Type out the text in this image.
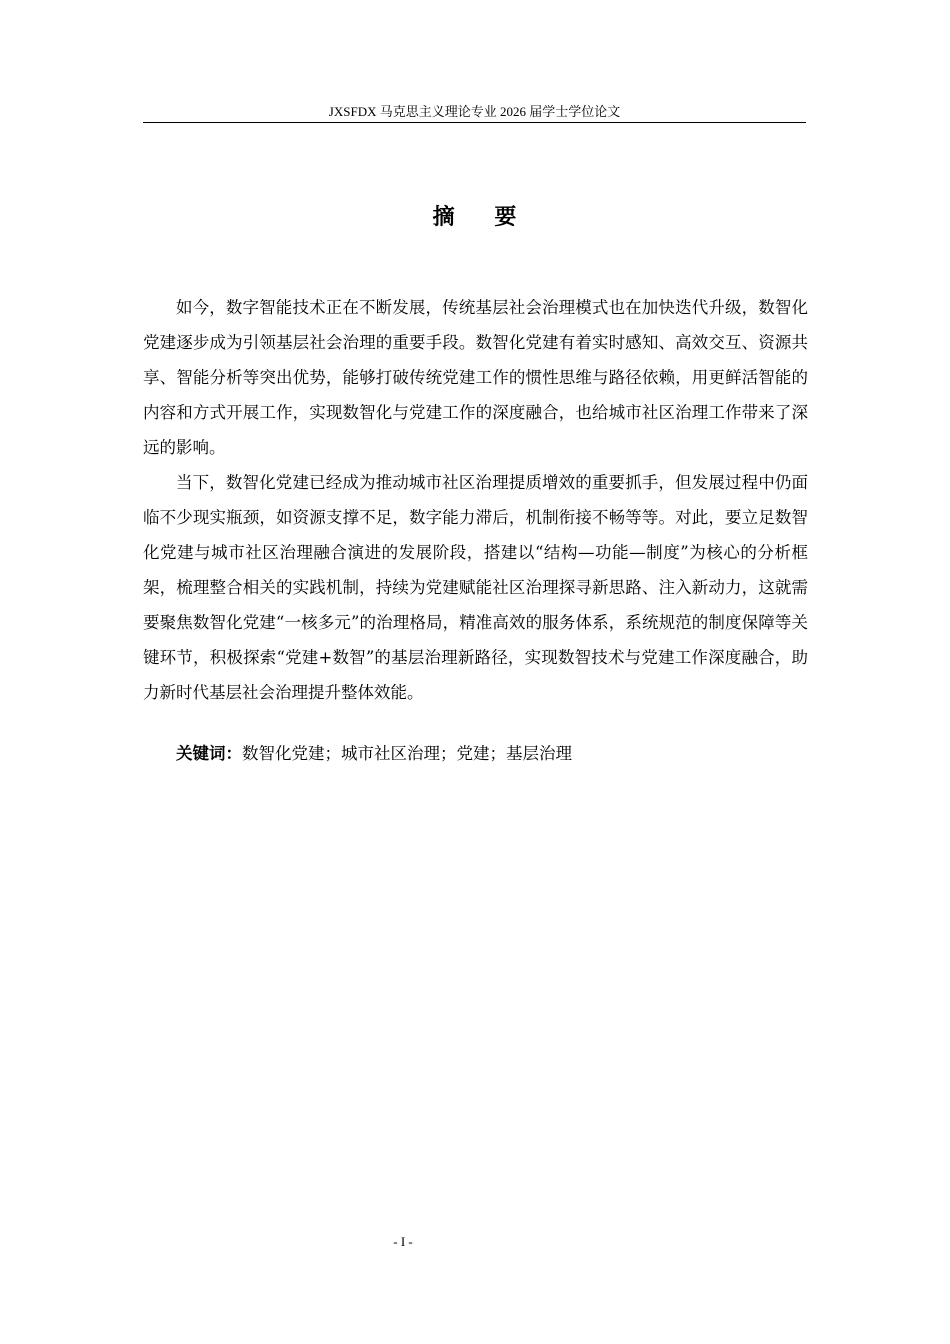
JXSFDX 马克思主义理论专业 2026 届学士学位论文
摘 要

如今，数字智能技术正在不断发展，传统基层社会治理模式也在加快迭代升级，数智化党建逐步成为引领基层社会治理的重要手段。数智化党建有着实时感知、高效交互、资源共享、智能分析等突出优势，能够打破传统党建工作的惯性思维与路径依赖，用更鲜活智能的内容和方式开展工作，实现数智化与党建工作的深度融合，也给城市社区治理工作带来了深远的影响。

当下，数智化党建已经成为推动城市社区治理提质增效的重要抓手，但发展过程中仍面临不少现实瓶颈，如资源支撑不足，数字能力滞后，机制衔接不畅等等。对此，要立足数智化党建与城市社区治理融合演进的发展阶段，搭建以“结构—功能—制度”为核心的分析框架，梳理整合相关的实践机制，持续为党建赋能社区治理探寻新思路、注入新动力，这就需要聚焦数智化党建“一核多元”的治理格局，精准高效的服务体系，系统规范的制度保障等关键环节，积极探索“党建+数智”的基层治理新路径，实现数智技术与党建工作深度融合，助力新时代基层社会治理提升整体效能。

关键词：数智化党建；城市社区治理；党建；基层治理
- I -
